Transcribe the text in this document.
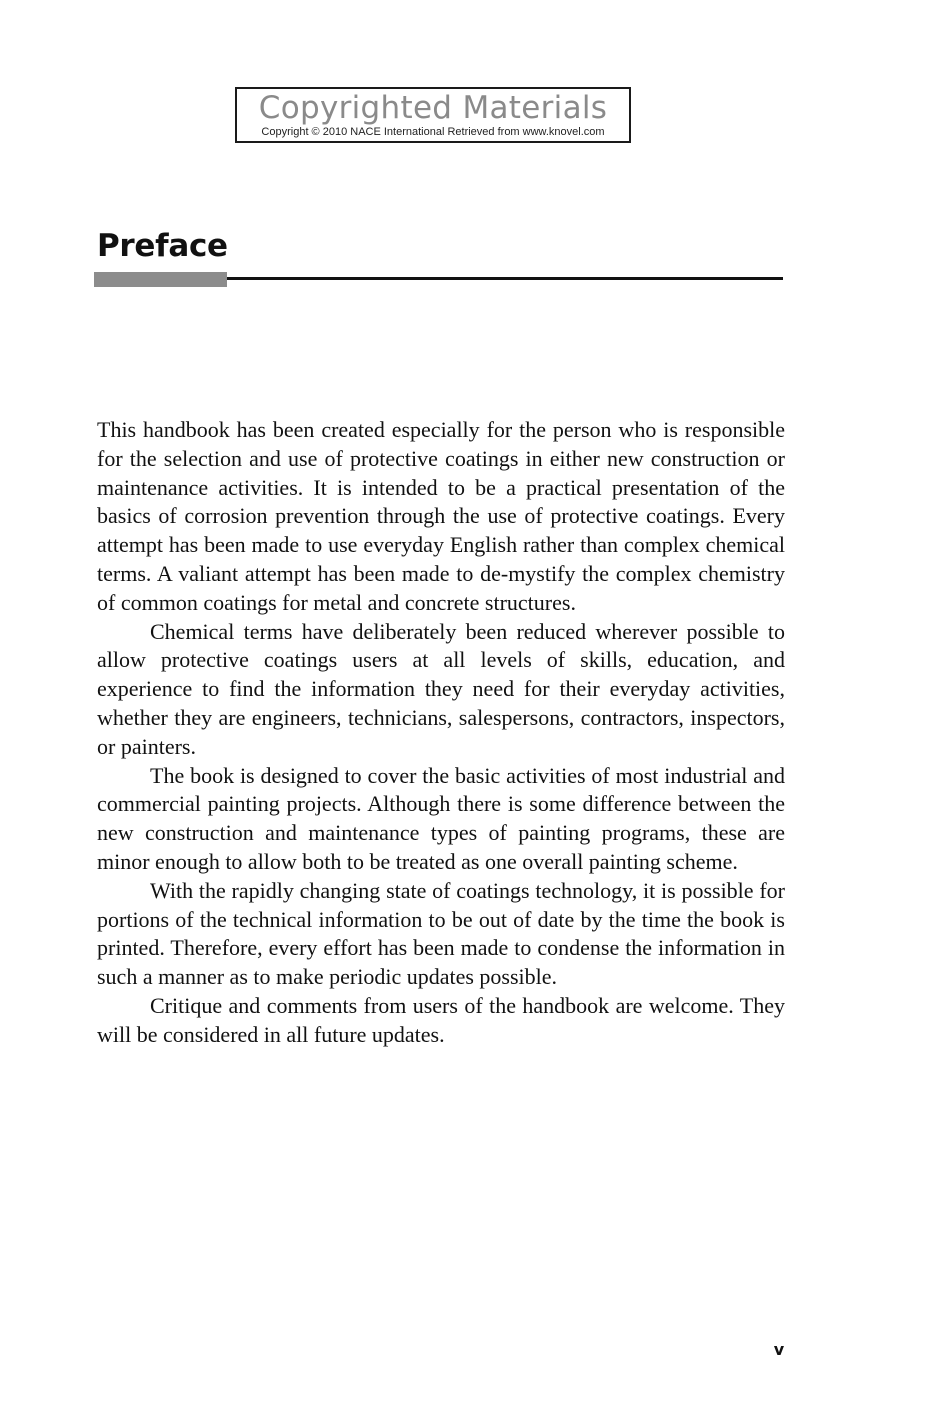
Copyrighted Materials
Copyright © 2010 NACE International Retrieved from www.knovel.com
Preface

This handbook has been created especially for the person who is responsible for the selection and use of protective coatings in either new construction or maintenance activities. It is intended to be a practical presentation of the basics of corrosion prevention through the use of protective coatings. Every attempt has been made to use everyday English rather than complex chemical terms. A valiant attempt has been made to de-mystify the complex chemistry of common coatings for metal and concrete structures.

Chemical terms have deliberately been reduced wherever possible to allow protective coatings users at all levels of skills, education, and experience to find the information they need for their everyday activities, whether they are engineers, technicians, salespersons, contractors, inspectors, or painters.

The book is designed to cover the basic activities of most industrial and commercial painting projects. Although there is some difference between the new construction and maintenance types of painting programs, these are minor enough to allow both to be treated as one overall painting scheme.

With the rapidly changing state of coatings technology, it is possible for portions of the technical information to be out of date by the time the book is printed. Therefore, every effort has been made to condense the information in such a manner as to make periodic updates possible.

Critique and comments from users of the handbook are welcome. They will be considered in all future updates.

v
